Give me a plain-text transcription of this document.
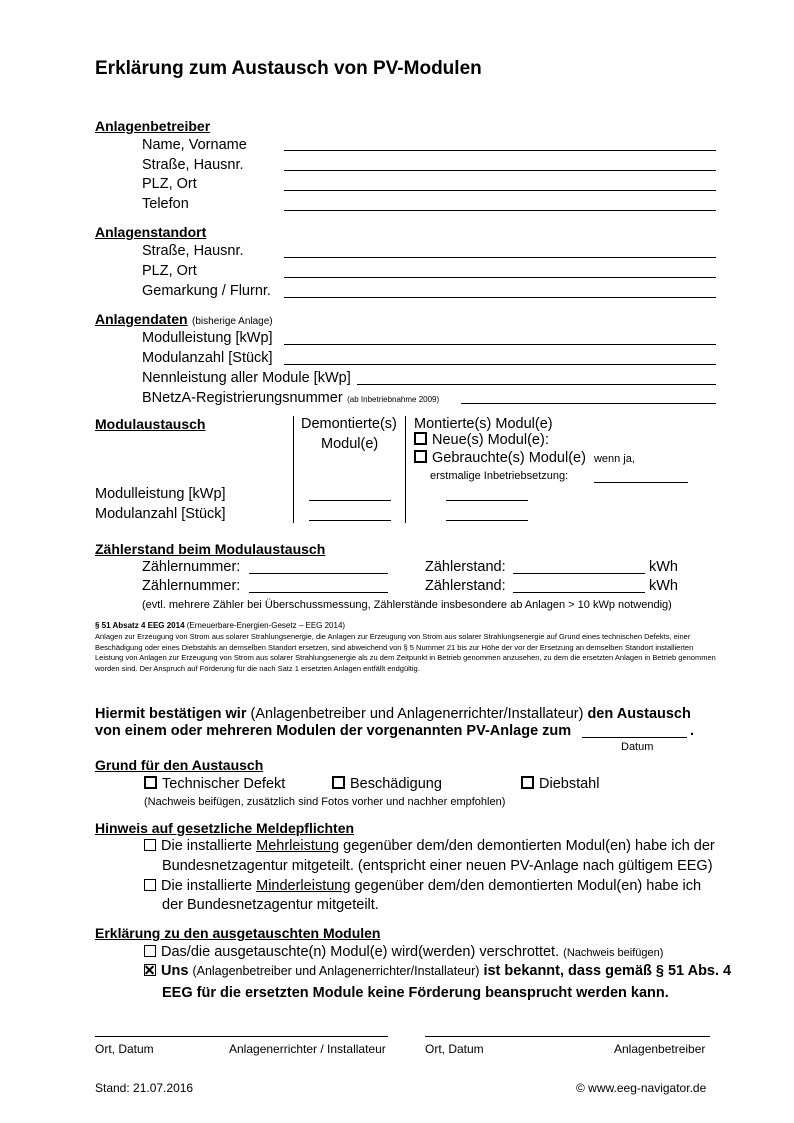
Erklärung zum Austausch von PV-Modulen
Anlagenbetreiber
Name, Vorname
Straße, Hausnr.
PLZ, Ort
Telefon
Anlagenstandort
Straße, Hausnr.
PLZ, Ort
Gemarkung / Flurnr.
Anlagendaten (bisherige Anlage)
Modulleistung [kWp]
Modulanzahl [Stück]
Nennleistung aller Module [kWp]
BNetzA-Registrierungsnummer (ab Inbetriebnahme 2009)
Modulaustausch	Demontierte(s)
Modul(e)
Montierte(s) Modul(e)
Neue(s) Modul(e):
Gebrauchte(s) Modul(e) wenn ja,
erstmalige Inbetriebsetzung:
Modulleistung [kWp]
Modulanzahl [Stück]
Zählerstand beim Modulaustausch
Zählernummer:	Zählerstand:	kWh
Zählernummer:	Zählerstand:	kWh
(evtl. mehrere Zähler bei Überschussmessung, Zählerstände insbesondere ab Anlagen > 10 kWp notwendig)
§ 51 Absatz 4 EEG 2014 (Erneuerbare-Energien-Gesetz – EEG 2014)
Anlagen zur Erzeugung von Strom aus solarer Strahlungsenergie, die Anlagen zur Erzeugung von Strom aus solarer Strahlungsenergie auf Grund eines technischen Defekts, einer Beschädigung oder eines Diebstahls an demselben Standort ersetzen, sind abweichend von § 5 Nummer 21 bis zur Höhe der vor der Ersetzung an demselben Standort installierten Leistung von Anlagen zur Erzeugung von Strom aus solarer Strahlungsenergie als zu dem Zeitpunkt in Betrieb genommen anzusehen, zu dem die ersetzten Anlagen in Betrieb genommen worden sind. Der Anspruch auf Förderung für die nach Satz 1 ersetzten Anlagen entfällt endgültig.
Hiermit bestätigen wir (Anlagenbetreiber und Anlagenerrichter/Installateur) den Austausch
von einem oder mehreren Modulen der vorgenannten PV-Anlage zum	.
Datum
Grund für den Austausch
Technischer Defekt	Beschädigung	Diebstahl
(Nachweis beifügen, zusätzlich sind Fotos vorher und nachher empfohlen)
Hinweis auf gesetzliche Meldepflichten
Die installierte Mehrleistung gegenüber dem/den demontierten Modul(en) habe ich der
Bundesnetzagentur mitgeteilt. (entspricht einer neuen PV-Anlage nach gültigem EEG)
Die installierte Minderleistung gegenüber dem/den demontierten Modul(en) habe ich
der Bundesnetzagentur mitgeteilt.
Erklärung zu den ausgetauschten Modulen
Das/die ausgetauschte(n) Modul(e) wird(werden) verschrottet. (Nachweis beifügen)
Uns (Anlagenbetreiber und Anlagenerrichter/Installateur) ist bekannt, dass gemäß § 51 Abs. 4
EEG für die ersetzten Module keine Förderung beansprucht werden kann.
Ort, Datum	Anlagenerrichter / Installateur	Ort, Datum	Anlagenbetreiber
Stand: 21.07.2016	© www.eeg-navigator.de
